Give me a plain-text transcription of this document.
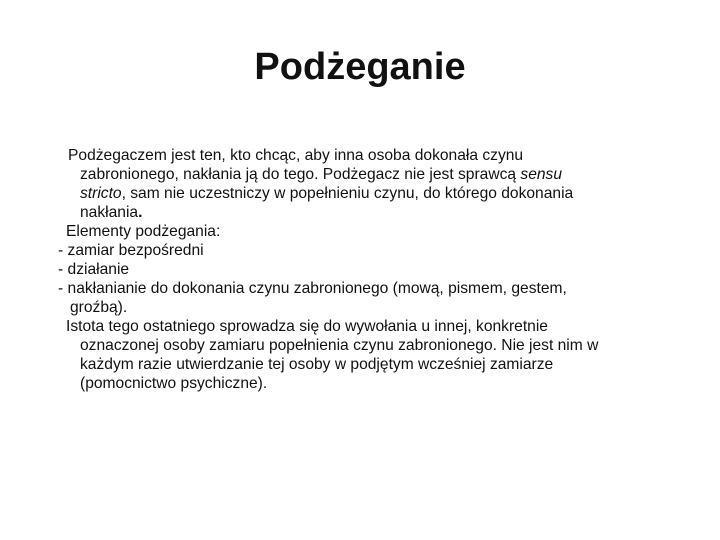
Podżeganie
Podżegaczem jest ten, kto chcąc, aby inna osoba dokonała czynu
zabronionego, nakłania ją do tego. Podżegacz nie jest sprawcą sensu
stricto, sam nie uczestniczy w popełnieniu czynu, do którego dokonania
nakłania.
Elementy podżegania:
- zamiar bezpośredni
- działanie
- nakłanianie do dokonania czynu zabronionego (mową, pismem, gestem,
groźbą).
Istota tego ostatniego sprowadza się do wywołania u innej, konkretnie
oznaczonej osoby zamiaru popełnienia czynu zabronionego. Nie jest nim w
każdym razie utwierdzanie tej osoby w podjętym wcześniej zamiarze
(pomocnictwo psychiczne).
